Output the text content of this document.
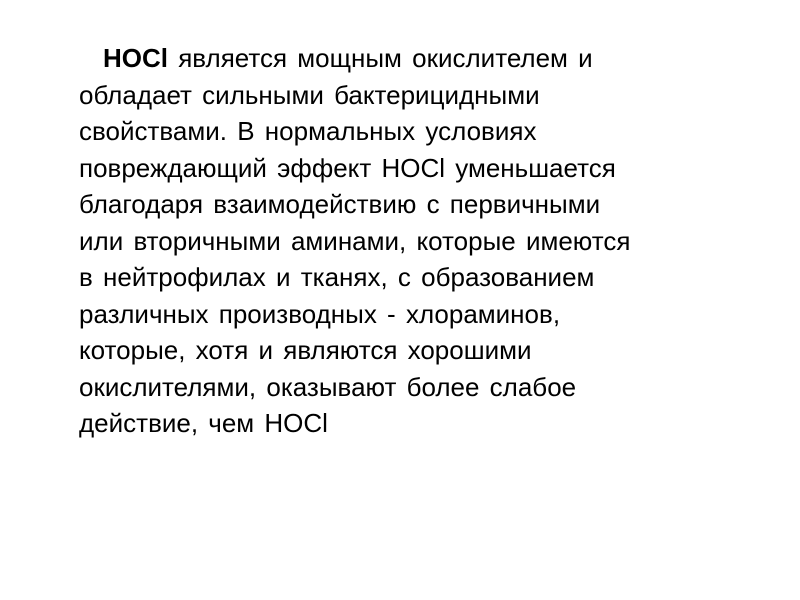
HOCl является мощным окислителем и
обладает сильными бактерицидными
свойствами. В нормальных условиях
повреждающий эффект HOCl уменьшается
благодаря взаимодействию с первичными
или вторичными аминами, которые имеются
в нейтрофилах и тканях, с образованием
различных производных - хлораминов,
которые, хотя и являются хорошими
окислителями, оказывают более слабое
действие, чем HOCl
